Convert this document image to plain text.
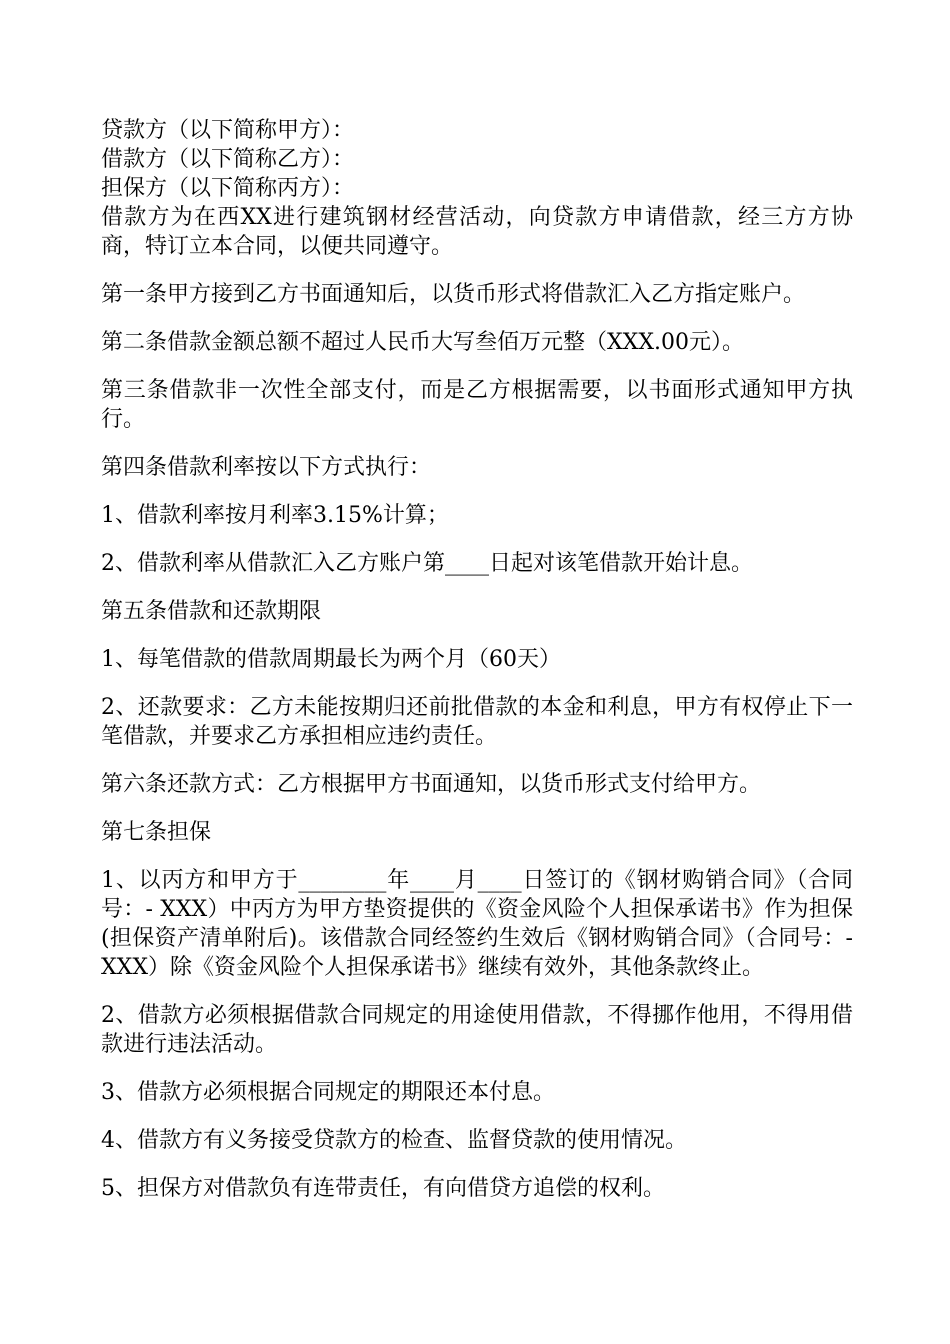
贷款方（以下简称甲方）：

借款方（以下简称乙方）：

担保方（以下简称丙方）：

借款方为在西XX进行建筑钢材经营活动，向贷款方申请借款，经三方方协商，特订立本合同，以便共同遵守。

第一条甲方接到乙方书面通知后，以货币形式将借款汇入乙方指定账户。

第二条借款金额总额不超过人民币大写叁佰万元整（XXX.00元）。

第三条借款非一次性全部支付，而是乙方根据需要，以书面形式通知甲方执行。

第四条借款利率按以下方式执行：

1、借款利率按月利率3.15%计算；

2、借款利率从借款汇入乙方账户第____日起对该笔借款开始计息。

第五条借款和还款期限

1、每笔借款的借款周期最长为两个月（60天）

2、还款要求：乙方未能按期归还前批借款的本金和利息，甲方有权停止下一笔借款，并要求乙方承担相应违约责任。

第六条还款方式：乙方根据甲方书面通知，以货币形式支付给甲方。

第七条担保

1、以丙方和甲方于________年____月____日签订的《钢材购销合同》（合同号：- XXX）中丙方为甲方垫资提供的《资金风险个人担保承诺书》作为担保(担保资产清单附后)。该借款合同经签约生效后《钢材购销合同》（合同号：- XXX）除《资金风险个人担保承诺书》继续有效外，其他条款终止。

2、借款方必须根据借款合同规定的用途使用借款，不得挪作他用，不得用借款进行违法活动。

3、借款方必须根据合同规定的期限还本付息。

4、借款方有义务接受贷款方的检查、监督贷款的使用情况。

5、担保方对借款负有连带责任，有向借贷方追偿的权利。
